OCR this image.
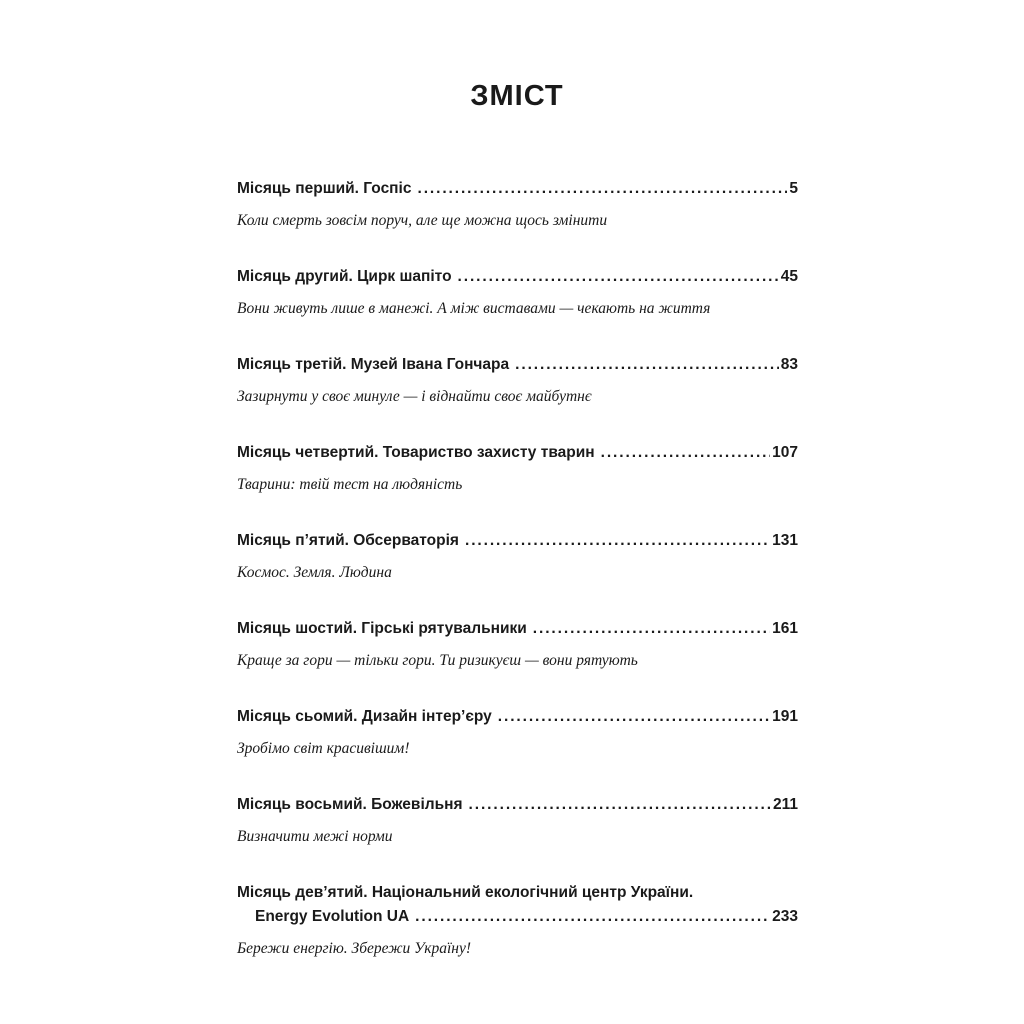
ЗМІСТ
Місяць перший. Госпіс . . .	5
Коли смерть зовсім поруч, але ще можна щось змінити
Місяць другий. Цирк шапіто . . .	45
Вони живуть лише в манежі. А між виставами — чекають на життя
Місяць третій. Музей Івана Гончара . . .	83
Зазирнути у своє минуле — і віднайти своє майбутнє
Місяць четвертий. Товариство захисту тварин . . .	107
Тварини: твій тест на людяність
Місяць п’ятий. Обсерваторія . . .	131
Космос. Земля. Людина
Місяць шостий. Гірські рятувальники . . .	161
Краще за гори — тільки гори. Ти ризикуєш — вони рятують
Місяць сьомий. Дизайн інтер’єру . . .	191
Зробімо світ красивішим!
Місяць восьмий. Божевільня . . .	211
Визначити межі норми
Місяць дев’ятий. Національний екологічний центр України.
Energy Evolution UA . . .	233
Бережи енергію. Збережи Україну!
